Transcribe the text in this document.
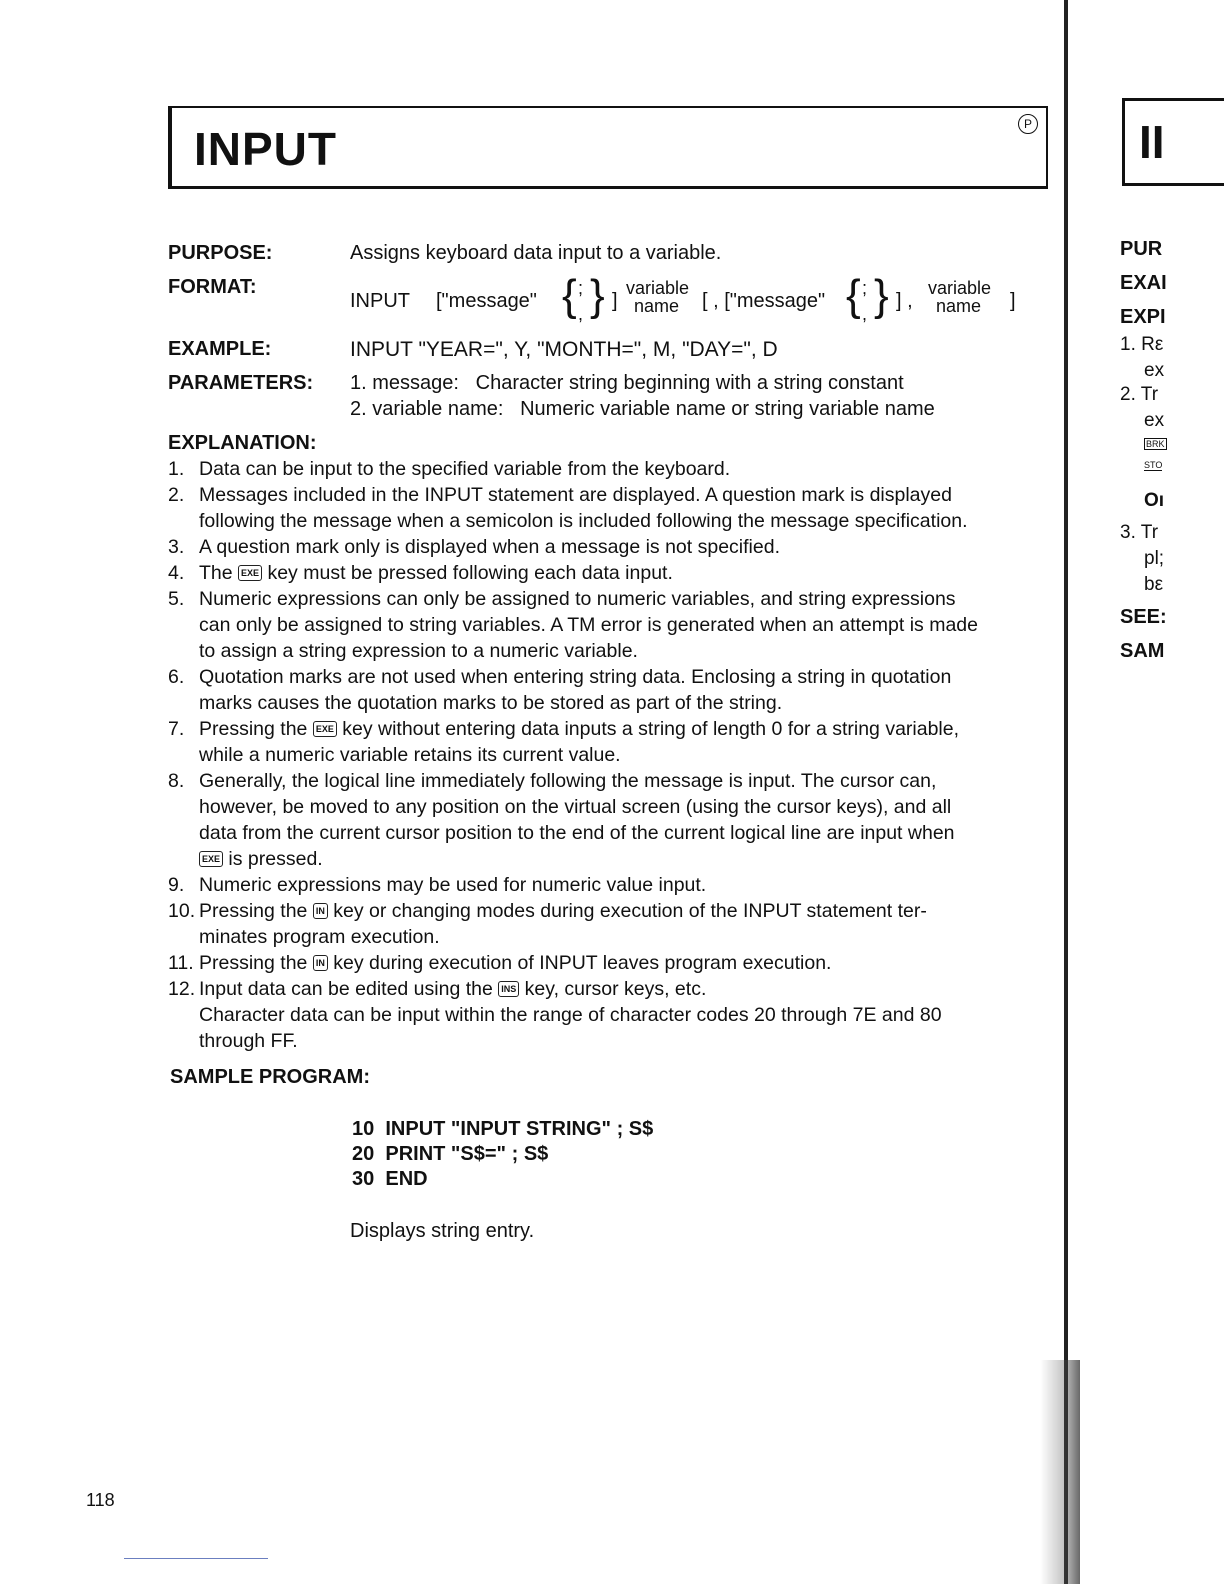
INPUT	P
PURPOSE:	Assigns keyboard data input to a variable.
FORMAT:
INPUT ["message" { ;
, } ]
variable
name [ , ["message" { ;
, } ] ,
variable
name ]
EXAMPLE:	INPUT "YEAR=", Y, "MONTH=", M, "DAY=", D
PARAMETERS: 1. message: Character string beginning with a string constant
2. variable name: Numeric variable name or string variable name
EXPLANATION:
1. Data can be input to the specified variable from the keyboard.
2. Messages included in the INPUT statement are displayed. A question mark is displayed
following the message when a semicolon is included following the message specification.
3. A question mark only is displayed when a message is not specified.
4. The EXE key must be pressed following each data input.
5. Numeric expressions can only be assigned to numeric variables, and string expressions
can only be assigned to string variables. A TM error is generated when an attempt is made
to assign a string expression to a numeric variable.
6. Quotation marks are not used when entering string data. Enclosing a string in quotation
marks causes the quotation marks to be stored as part of the string.
7. Pressing the EXE key without entering data inputs a string of length 0 for a string variable,
while a numeric variable retains its current value.
8. Generally, the logical line immediately following the message is input. The cursor can,
however, be moved to any position on the virtual screen (using the cursor keys), and all
data from the current cursor position to the end of the current logical line are input when
EXE is pressed.
9. Numeric expressions may be used for numeric value input.
10. Pressing the IN key or changing modes during execution of the INPUT statement ter-
minates program execution.
11. Pressing the IN key during execution of INPUT leaves program execution.
12. Input data can be edited using the INS key, cursor keys, etc.
Character data can be input within the range of character codes 20 through 7E and 80
through FF.
SAMPLE PROGRAM:
10 INPUT "INPUT STRING" ; S$
20 PRINT "S$=" ; S$
30 END
Displays string entry.
II
PUR
EXAI
EXPI
1. Rε
ex
2. Tr
ex
BRK
STO
Oı
3. Tr
pl;
bε
SEE:
SAM
118
